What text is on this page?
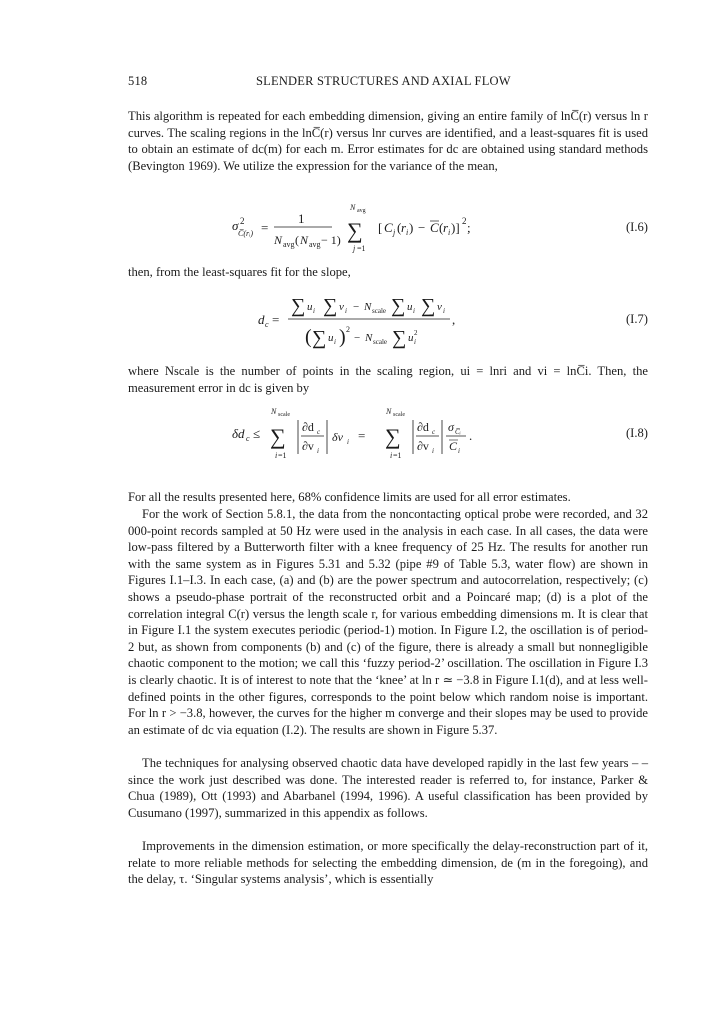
518	SLENDER STRUCTURES AND AXIAL FLOW

This algorithm is repeated for each embedding dimension, giving an entire family of lnC̅(r) versus ln r curves. The scaling regions in the lnC̅(r) versus lnr curves are identified, and a least-squares fit is used to obtain an estimate of dc(m) for each m. Error estimates for dc are obtained using standard methods (Bevington 1969). We utilize the expression for the variance of the mean,

σ 2
C̅(rᵢ) =
1
N avg ( N avg − 1)
N avg
∑
j =1
[ C j ( r i ) − C ( r i )] 2 ;	(I.6)

then, from the least-squares fit for the slope,

d c =
∑ u i ∑ v i − N scale ∑ u i ∑ v i
,
( ∑ u i ) 2
− N scale ∑ u 2
i
(I.7)

where Nscale is the number of points in the scaling region, ui = lnri and vi = lnC̅i. Then, the measurement error in dc is given by

δd c ≤
N scale
∑
i =1
∂d c
∂v i
δv i =
N scale
∑
i =1
∂d c
∂v i
σ C̅ᵢ
C i
.	(I.8)

For all the results presented here, 68% confidence limits are used for all error estimates.

For the work of Section 5.8.1, the data from the noncontacting optical probe were recorded, and 32 000-point records sampled at 50 Hz were used in the analysis in each case. In all cases, the data were low-pass filtered by a Butterworth filter with a knee frequency of 25 Hz. The results for another run with the same system as in Figures 5.31 and 5.32 (pipe #9 of Table 5.3, water flow) are shown in Figures I.1–I.3. In each case, (a) and (b) are the power spectrum and autocorrelation, respectively; (c) shows a pseudo-phase portrait of the reconstructed orbit and a Poincaré map; (d) is a plot of the correlation integral C(r) versus the length scale r, for various embedding dimensions m. It is clear that in Figure I.1 the system executes periodic (period-1) motion. In Figure I.2, the oscillation is of period-2 but, as shown from components (b) and (c) of the figure, there is already a small but nonnegligible chaotic component to the motion; we call this ‘fuzzy period-2’ oscillation. The oscillation in Figure I.3 is clearly chaotic. It is of interest to note that the ‘knee’ at ln r ≃ −3.8 in Figure I.1(d), and at less well-defined points in the other figures, corresponds to the point below which random noise is important. For ln r > −3.8, however, the curves for the higher m converge and their slopes may be used to provide an estimate of dc via equation (I.2). The results are shown in Figure 5.37.

The techniques for analysing observed chaotic data have developed rapidly in the last few years – – since the work just described was done. The interested reader is referred to, for instance, Parker & Chua (1989), Ott (1993) and Abarbanel (1994, 1996). A useful classification has been provided by Cusumano (1997), summarized in this appendix as follows.

Improvements in the dimension estimation, or more specifically the delay-reconstruction part of it, relate to more reliable methods for selecting the embedding dimension, de (m in the foregoing), and the delay, τ. ‘Singular systems analysis’, which is essentially
